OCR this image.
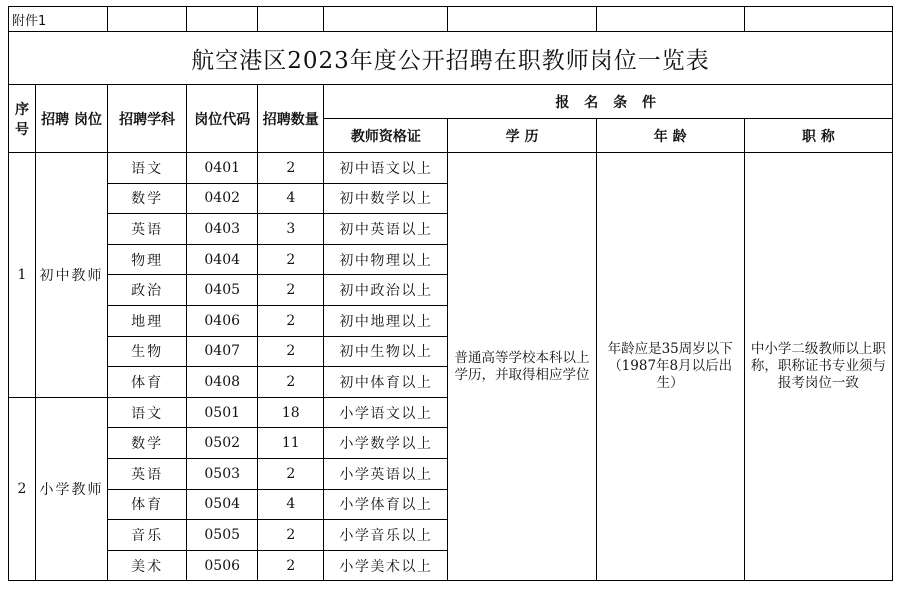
附件1								
航空港区2023年度公开招聘在职教师岗位一览表								
序号	招聘 岗位	招聘学科	岗位代码	招聘数量	报 名 条 件			
					教师资格证	学 历	年 龄	职 称
1	初中教师	语文	0401	2	初中语文以上	普通高等学校本科以上学历，并取得相应学位	年龄应是35周岁以下（1987年8月以后出生）	中小学二级教师以上职称，职称证书专业须与报考岗位一致
		数学	0402	4	初中数学以上			
		英语	0403	3	初中英语以上			
		物理	0404	2	初中物理以上			
		政治	0405	2	初中政治以上			
		地理	0406	2	初中地理以上			
		生物	0407	2	初中生物以上			
		体育	0408	2	初中体育以上			
2	小学教师	语文	0501	18	小学语文以上			
		数学	0502	11	小学数学以上			
		英语	0503	2	小学英语以上			
		体育	0504	4	小学体育以上			
		音乐	0505	2	小学音乐以上			
		美术	0506	2	小学美术以上			
